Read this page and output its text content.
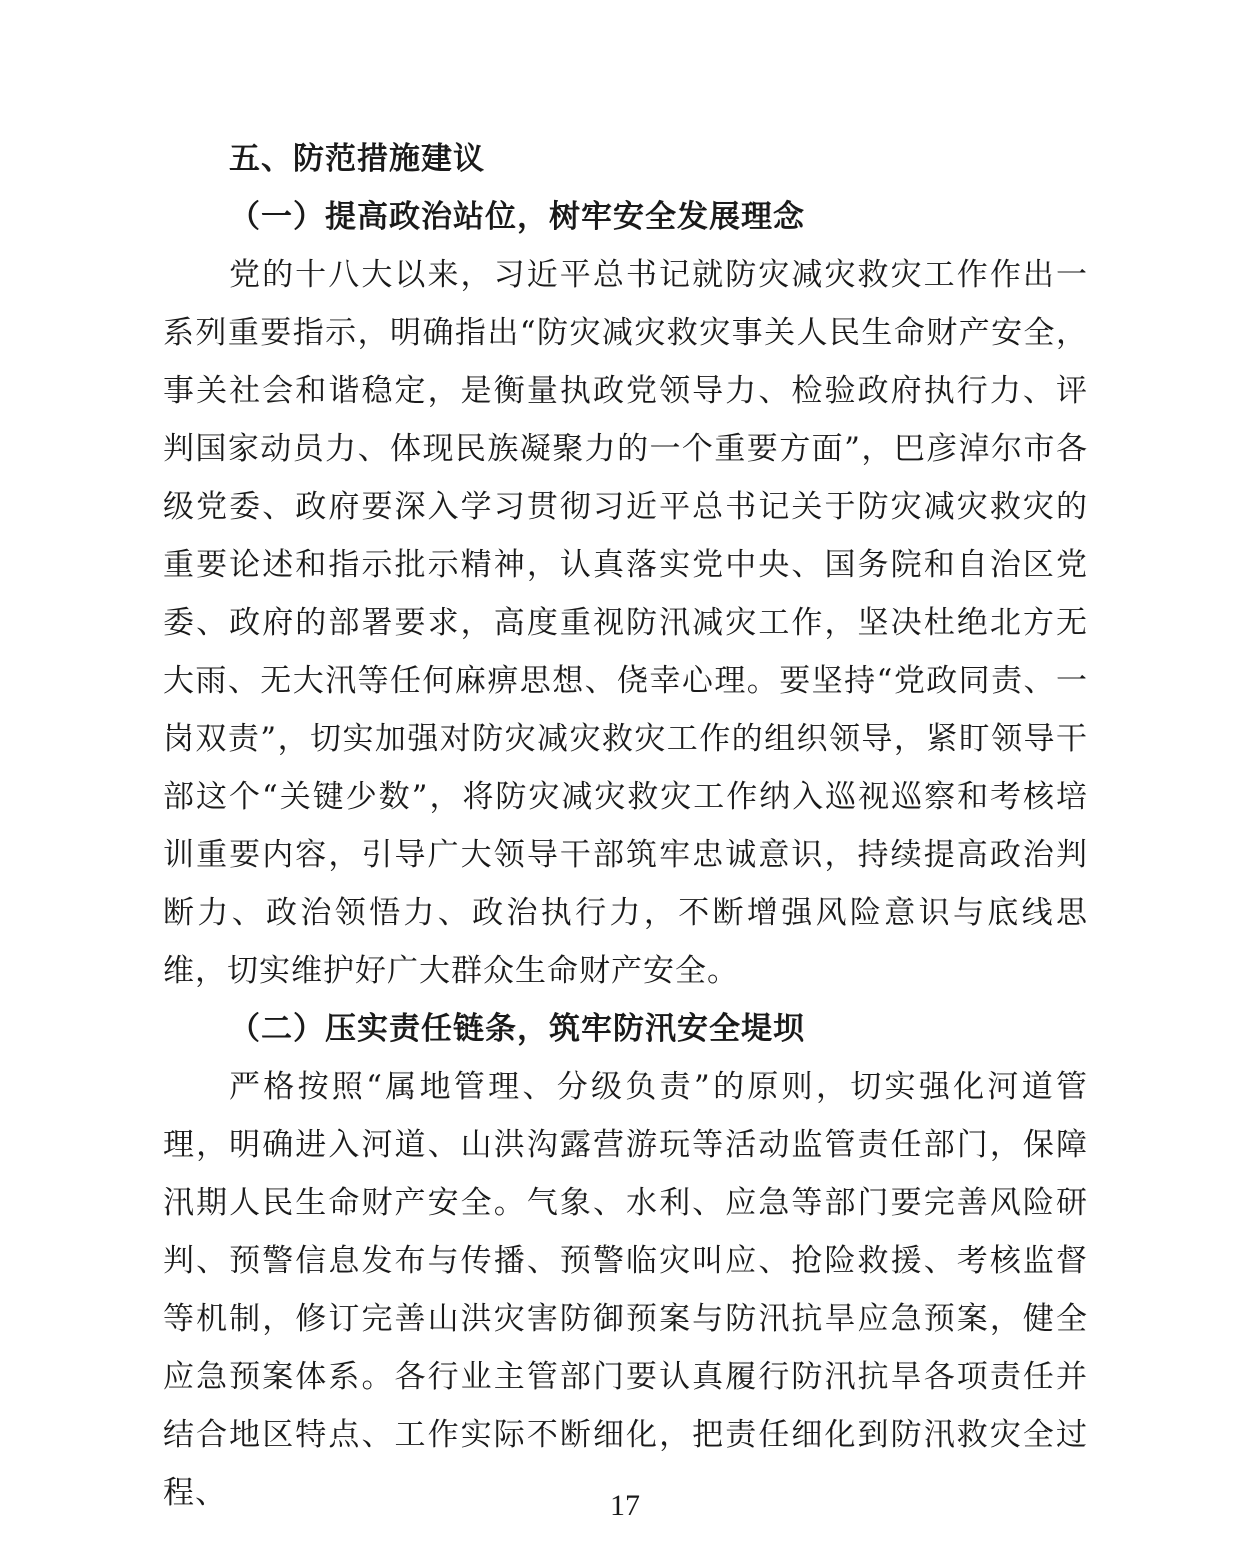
五、防范措施建议
（一）提高政治站位，树牢安全发展理念

党的十八大以来，习近平总书记就防灾减灾救灾工作作出一系列重要指示，明确指出“防灾减灾救灾事关人民生命财产安全，事关社会和谐稳定，是衡量执政党领导力、检验政府执行力、评判国家动员力、体现民族凝聚力的一个重要方面”，巴彦淖尔市各级党委、政府要深入学习贯彻习近平总书记关于防灾减灾救灾的重要论述和指示批示精神，认真落实党中央、国务院和自治区党委、政府的部署要求，高度重视防汛减灾工作，坚决杜绝北方无大雨、无大汛等任何麻痹思想、侥幸心理。要坚持“党政同责、一岗双责”，切实加强对防灾减灾救灾工作的组织领导，紧盯领导干部这个“关键少数”，将防灾减灾救灾工作纳入巡视巡察和考核培训重要内容，引导广大领导干部筑牢忠诚意识，持续提高政治判断力、政治领悟力、政治执行力，不断增强风险意识与底线思维，切实维护好广大群众生命财产安全。

（二）压实责任链条，筑牢防汛安全堤坝

严格按照“属地管理、分级负责”的原则，切实强化河道管理，明确进入河道、山洪沟露营游玩等活动监管责任部门，保障汛期人民生命财产安全。气象、水利、应急等部门要完善风险研判、预警信息发布与传播、预警临灾叫应、抢险救援、考核监督等机制，修订完善山洪灾害防御预案与防汛抗旱应急预案，健全应急预案体系。各行业主管部门要认真履行防汛抗旱各项责任并结合地区特点、工作实际不断细化，把责任细化到防汛救灾全过程、	17
